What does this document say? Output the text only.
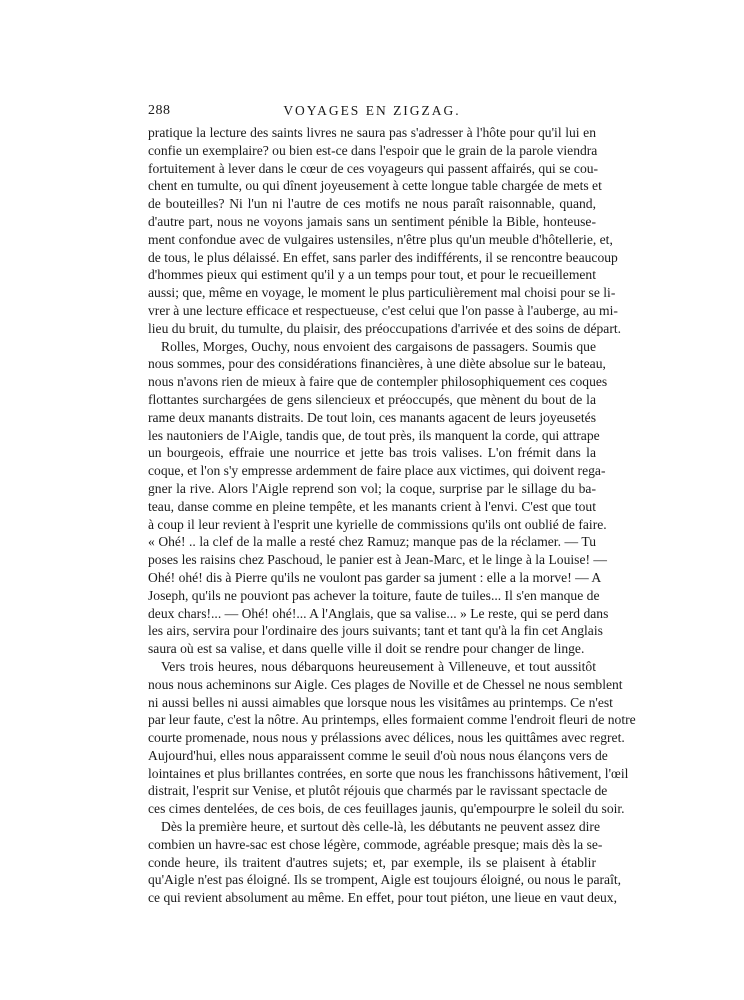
288	VOYAGES EN ZIGZAG.
pratique la lecture des saints livres ne saura pas s'adresser à l'hôte pour qu'il lui en
confie un exemplaire? ou bien est-ce dans l'espoir que le grain de la parole viendra
fortuitement à lever dans le cœur de ces voyageurs qui passent affairés, qui se cou-
chent en tumulte, ou qui dînent joyeusement à cette longue table chargée de mets et
de bouteilles? Ni l'un ni l'autre de ces motifs ne nous paraît raisonnable, quand,
d'autre part, nous ne voyons jamais sans un sentiment pénible la Bible, honteuse-
ment confondue avec de vulgaires ustensiles, n'être plus qu'un meuble d'hôtellerie, et,
de tous, le plus délaissé. En effet, sans parler des indifférents, il se rencontre beaucoup
d'hommes pieux qui estiment qu'il y a un temps pour tout, et pour le recueillement
aussi; que, même en voyage, le moment le plus particulièrement mal choisi pour se li-
vrer à une lecture efficace et respectueuse, c'est celui que l'on passe à l'auberge, au mi-
lieu du bruit, du tumulte, du plaisir, des préoccupations d'arrivée et des soins de départ.
Rolles, Morges, Ouchy, nous envoient des cargaisons de passagers. Soumis que
nous sommes, pour des considérations financières, à une diète absolue sur le bateau,
nous n'avons rien de mieux à faire que de contempler philosophiquement ces coques
flottantes surchargées de gens silencieux et préoccupés, que mènent du bout de la
rame deux manants distraits. De tout loin, ces manants agacent de leurs joyeusetés
les nautoniers de l'Aigle, tandis que, de tout près, ils manquent la corde, qui attrape
un bourgeois, effraie une nourrice et jette bas trois valises. L'on frémit dans la
coque, et l'on s'y empresse ardemment de faire place aux victimes, qui doivent rega-
gner la rive. Alors l'Aigle reprend son vol; la coque, surprise par le sillage du ba-
teau, danse comme en pleine tempête, et les manants crient à l'envi. C'est que tout
à coup il leur revient à l'esprit une kyrielle de commissions qu'ils ont oublié de faire.
« Ohé! .. la clef de la malle a resté chez Ramuz; manque pas de la réclamer. — Tu
poses les raisins chez Paschoud, le panier est à Jean-Marc, et le linge à la Louise! —
Ohé! ohé! dis à Pierre qu'ils ne voulont pas garder sa jument : elle a la morve! — A
Joseph, qu'ils ne pouviont pas achever la toiture, faute de tuiles... Il s'en manque de
deux chars!... — Ohé! ohé!... A l'Anglais, que sa valise... » Le reste, qui se perd dans
les airs, servira pour l'ordinaire des jours suivants; tant et tant qu'à la fin cet Anglais
saura où est sa valise, et dans quelle ville il doit se rendre pour changer de linge.
Vers trois heures, nous débarquons heureusement à Villeneuve, et tout aussitôt
nous nous acheminons sur Aigle. Ces plages de Noville et de Chessel ne nous semblent
ni aussi belles ni aussi aimables que lorsque nous les visitâmes au printemps. Ce n'est
par leur faute, c'est la nôtre. Au printemps, elles formaient comme l'endroit fleuri de notre
courte promenade, nous nous y prélassions avec délices, nous les quittâmes avec regret.
Aujourd'hui, elles nous apparaissent comme le seuil d'où nous nous élançons vers de
lointaines et plus brillantes contrées, en sorte que nous les franchissons hâtivement, l'œil
distrait, l'esprit sur Venise, et plutôt réjouis que charmés par le ravissant spectacle de
ces cimes dentelées, de ces bois, de ces feuillages jaunis, qu'empourpre le soleil du soir.
Dès la première heure, et surtout dès celle-là, les débutants ne peuvent assez dire
combien un havre-sac est chose légère, commode, agréable presque; mais dès la se-
conde heure, ils traitent d'autres sujets; et, par exemple, ils se plaisent à établir
qu'Aigle n'est pas éloigné. Ils se trompent, Aigle est toujours éloigné, ou nous le paraît,
ce qui revient absolument au même. En effet, pour tout piéton, une lieue en vaut deux,
